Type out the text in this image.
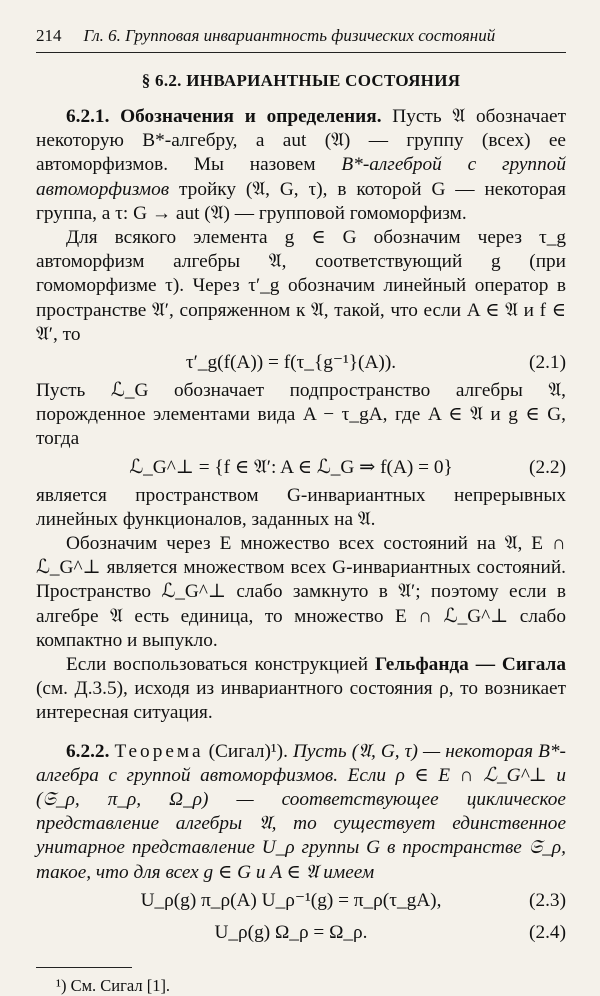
214 Гл. 6. Групповая инвариантность физических состояний
§ 6.2. ИНВАРИАНТНЫЕ СОСТОЯНИЯ

6.2.1. Обозначения и определения. Пусть 𝔄 обозначает некоторую B*-алгебру, а aut (𝔄) — группу (всех) ее автоморфизмов. Мы назовем B*-алгеброй с группой автоморфизмов тройку (𝔄, G, τ), в которой G — некоторая группа, а τ: G → aut (𝔄) — групповой гомоморфизм.

Для всякого элемента g ∈ G обозначим через τ_g автоморфизм алгебры 𝔄, соответствующий g (при гомоморфизме τ). Через τ′_g обозначим линейный оператор в пространстве 𝔄′, сопряженном к 𝔄, такой, что если A ∈ 𝔄 и f ∈ 𝔄′, то

τ′_g(f(A)) = f(τ_{g⁻¹}(A)).	(2.1)

Пусть ℒ_G обозначает подпространство алгебры 𝔄, порожденное элементами вида A − τ_gA, где A ∈ 𝔄 и g ∈ G, тогда

ℒ_G^⊥ = {f ∈ 𝔄′: A ∈ ℒ_G ⇒ f(A) = 0}	(2.2)

является пространством G-инвариантных непрерывных линейных функционалов, заданных на 𝔄.

Обозначим через E множество всех состояний на 𝔄, E ∩ ℒ_G^⊥ является множеством всех G-инвариантных состояний. Пространство ℒ_G^⊥ слабо замкнуто в 𝔄′; поэтому если в алгебре 𝔄 есть единица, то множество E ∩ ℒ_G^⊥ слабо компактно и выпукло.

Если воспользоваться конструкцией Гельфанда — Сигала (см. Д.3.5), исходя из инвариантного состояния ρ, то возникает интересная ситуация.

6.2.2. Теорема (Сигал)¹). Пусть (𝔄, G, τ) — некоторая B*-алгебра с группой автоморфизмов. Если ρ ∈ E ∩ ℒ_G^⊥ и (𝔖_ρ, π_ρ, Ω_ρ) — соответствующее циклическое представление алгебры 𝔄, то существует единственное унитарное представление U_ρ группы G в пространстве 𝔖_ρ, такое, что для всех g ∈ G и A ∈ 𝔄 имеем

U_ρ(g) π_ρ(A) U_ρ⁻¹(g) = π_ρ(τ_gA),	(2.3)
U_ρ(g) Ω_ρ = Ω_ρ.	(2.4)
¹) См. Сигал [1].
